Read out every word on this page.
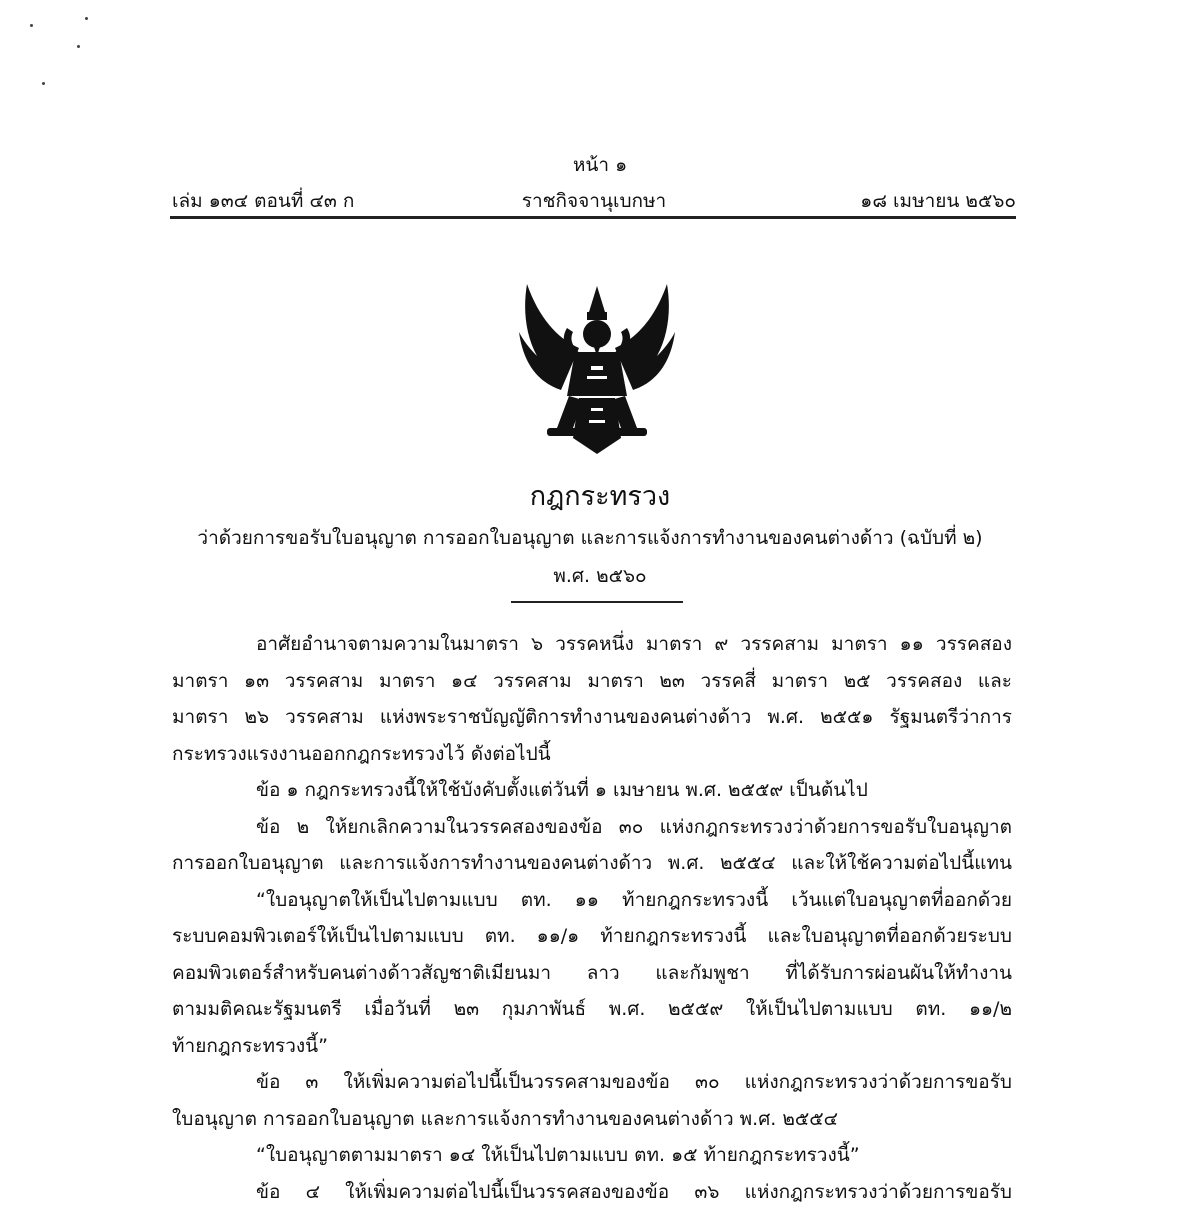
หน้า ๑
เล่ม ๑๓๔ ตอนที่ ๔๓ ก	ราชกิจจานุเบกษา	๑๘ เมษายน ๒๕๖๐
กฎกระทรวง
ว่าด้วยการขอรับใบอนุญาต การออกใบอนุญาต และการแจ้งการทำงานของคนต่างด้าว (ฉบับที่ ๒)
พ.ศ. ๒๕๖๐
อาศัยอำนาจตามความในมาตรา ๖ วรรคหนึ่ง มาตรา ๙ วรรคสาม มาตรา ๑๑ วรรคสอง
มาตรา ๑๓ วรรคสาม มาตรา ๑๔ วรรคสาม มาตรา ๒๓ วรรคสี่ มาตรา ๒๕ วรรคสอง และ
มาตรา ๒๖ วรรคสาม แห่งพระราชบัญญัติการทำงานของคนต่างด้าว พ.ศ. ๒๕๕๑ รัฐมนตรีว่าการ
กระทรวงแรงงานออกกฎกระทรวงไว้ ดังต่อไปนี้
ข้อ ๑ กฎกระทรวงนี้ให้ใช้บังคับตั้งแต่วันที่ ๑ เมษายน พ.ศ. ๒๕๕๙ เป็นต้นไป
ข้อ ๒ ให้ยกเลิกความในวรรคสองของข้อ ๓๐ แห่งกฎกระทรวงว่าด้วยการขอรับใบอนุญาต
การออกใบอนุญาต และการแจ้งการทำงานของคนต่างด้าว พ.ศ. ๒๕๕๔ และให้ใช้ความต่อไปนี้แทน
“ใบอนุญาตให้เป็นไปตามแบบ ตท. ๑๑ ท้ายกฎกระทรวงนี้ เว้นแต่ใบอนุญาตที่ออกด้วย
ระบบคอมพิวเตอร์ให้เป็นไปตามแบบ ตท. ๑๑/๑ ท้ายกฎกระทรวงนี้ และใบอนุญาตที่ออกด้วยระบบ
คอมพิวเตอร์สำหรับคนต่างด้าวสัญชาติเมียนมา ลาว และกัมพูชา ที่ได้รับการผ่อนผันให้ทำงาน
ตามมติคณะรัฐมนตรี เมื่อวันที่ ๒๓ กุมภาพันธ์ พ.ศ. ๒๕๕๙ ให้เป็นไปตามแบบ ตท. ๑๑/๒
ท้ายกฎกระทรวงนี้”
ข้อ ๓ ให้เพิ่มความต่อไปนี้เป็นวรรคสามของข้อ ๓๐ แห่งกฎกระทรวงว่าด้วยการขอรับ
ใบอนุญาต การออกใบอนุญาต และการแจ้งการทำงานของคนต่างด้าว พ.ศ. ๒๕๕๔
“ใบอนุญาตตามมาตรา ๑๔ ให้เป็นไปตามแบบ ตท. ๑๕ ท้ายกฎกระทรวงนี้”
ข้อ ๔ ให้เพิ่มความต่อไปนี้เป็นวรรคสองของข้อ ๓๖ แห่งกฎกระทรวงว่าด้วยการขอรับ
